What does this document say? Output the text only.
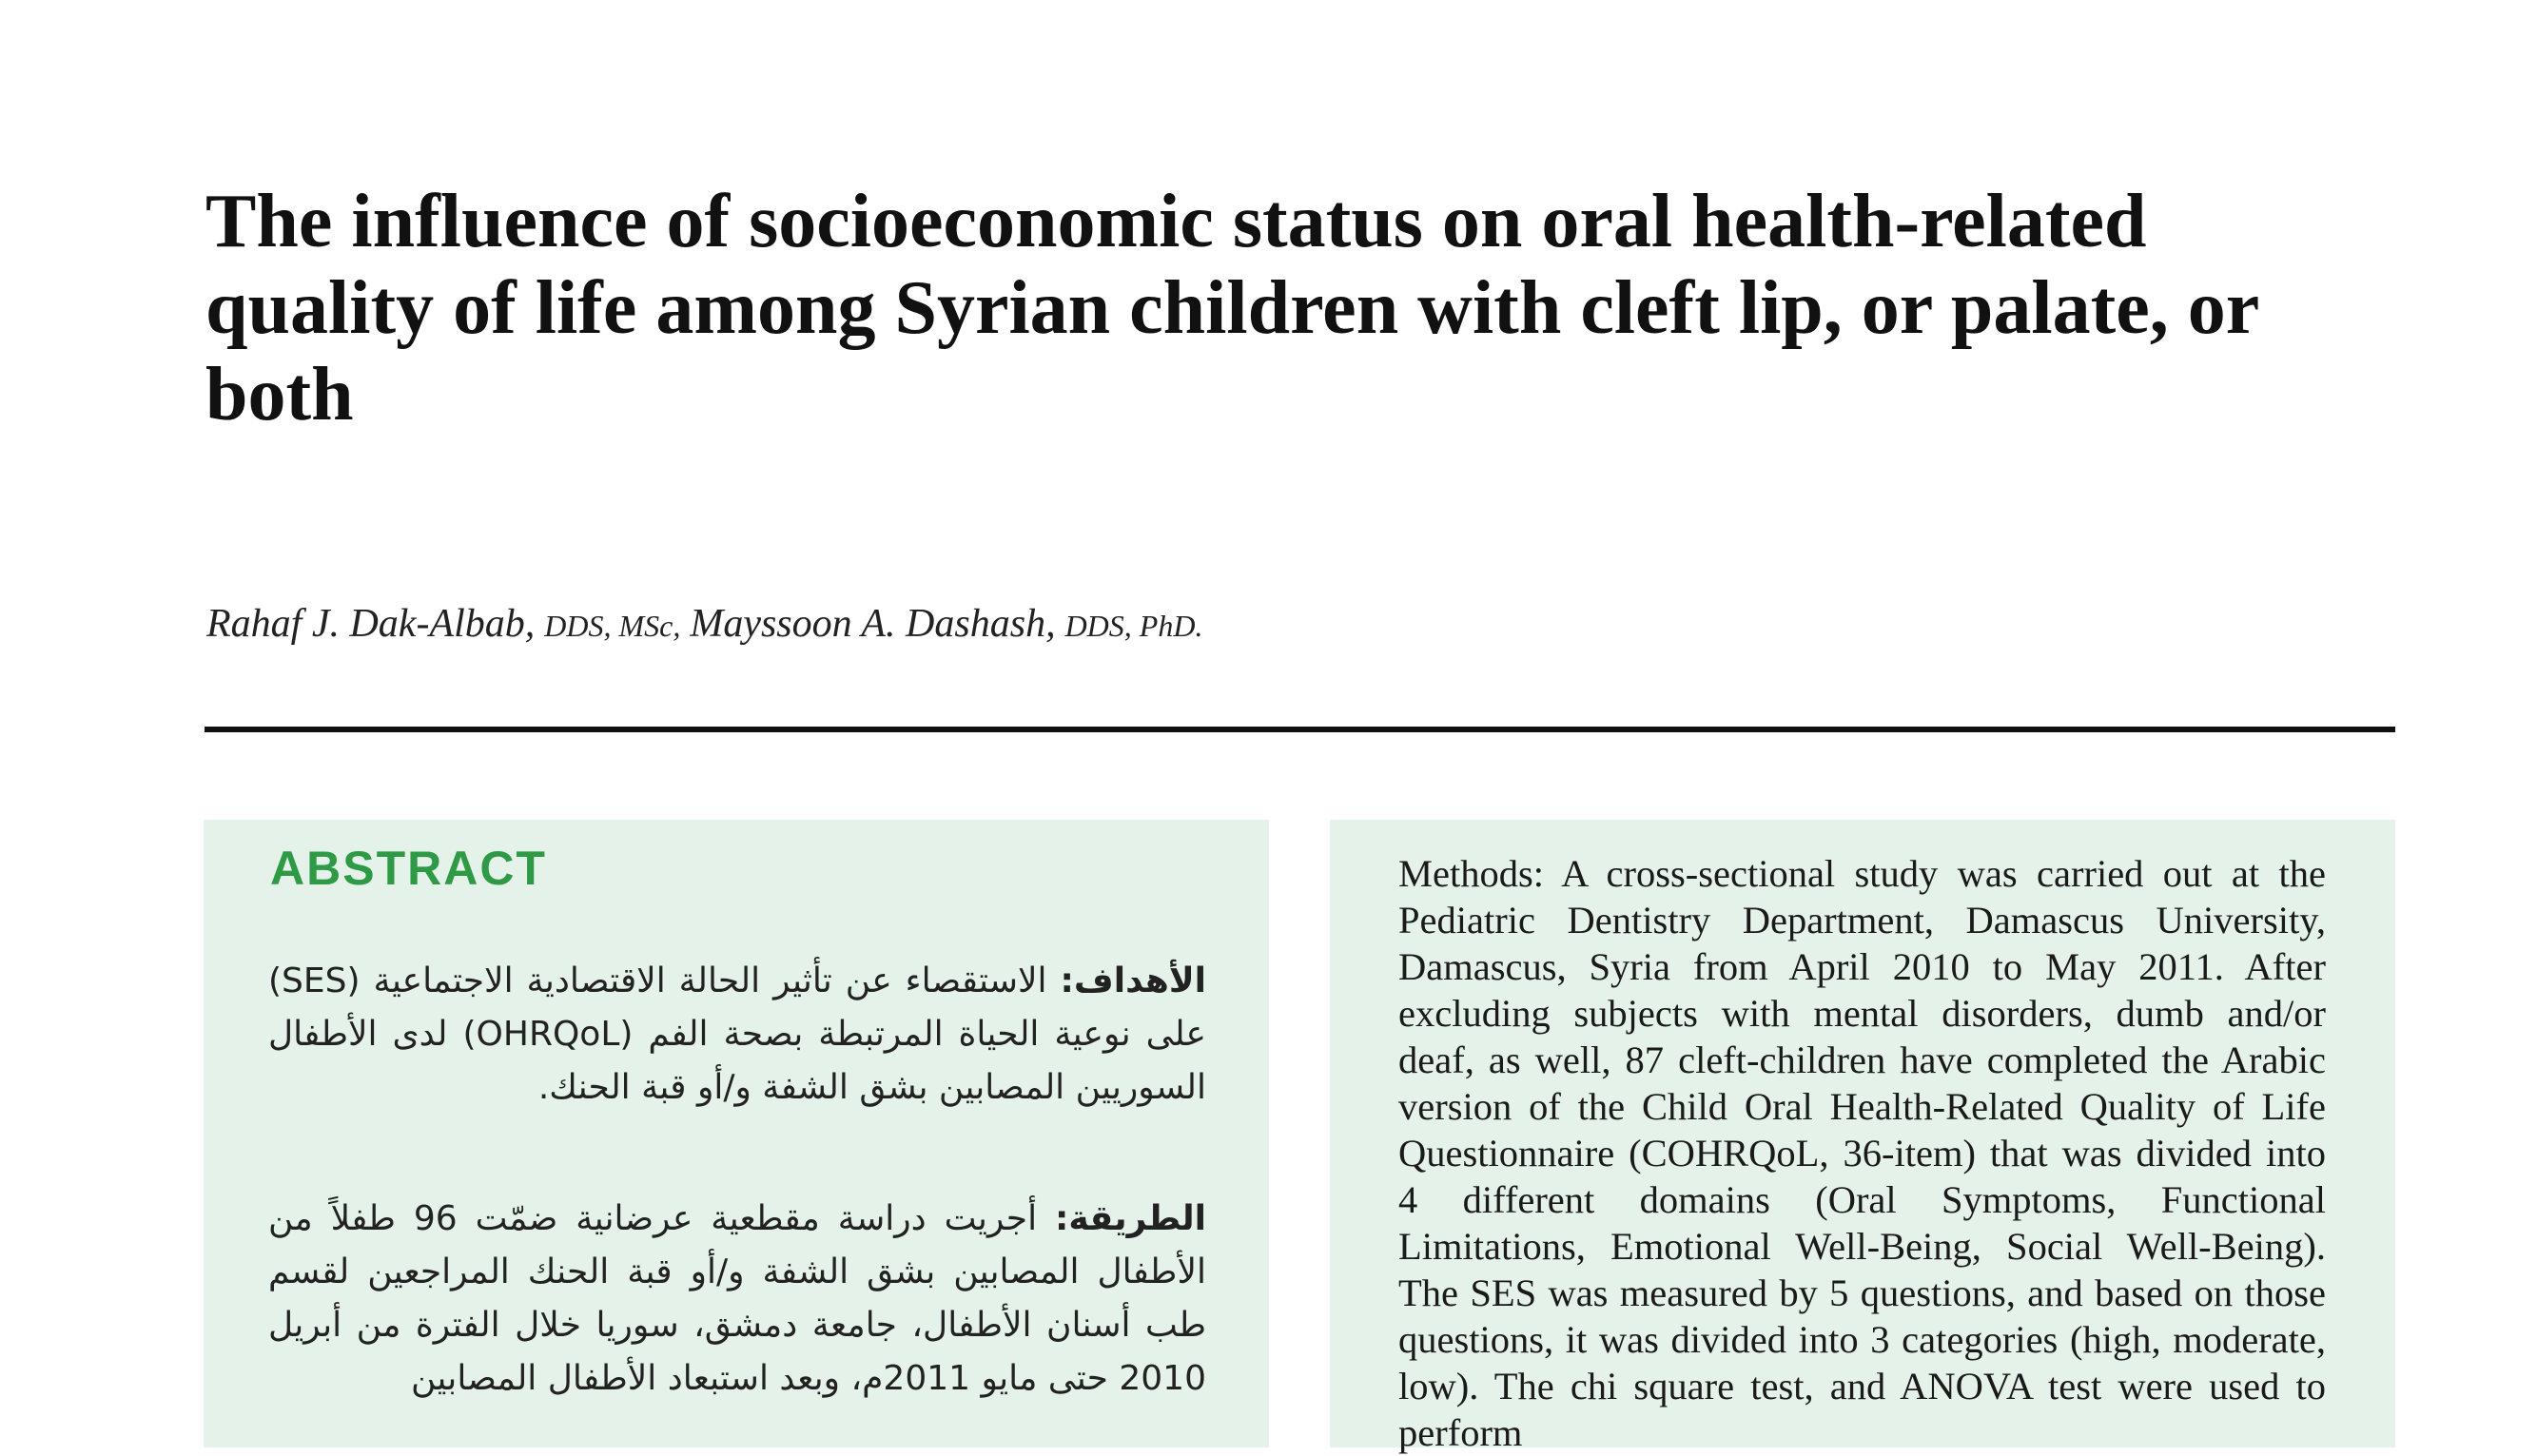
The influence of socioeconomic status on oral health-related quality of life among Syrian children with cleft lip, or palate, or both
Rahaf J. Dak-Albab, DDS, MSc, Mayssoon A. Dashash, DDS, PhD.
ABSTRACT

الأهداف: الاستقصاء عن تأثير الحالة الاقتصادية الاجتماعية (SES) على نوعية الحياة المرتبطة بصحة الفم (OHRQoL) لدى الأطفال السوريين المصابين بشق الشفة و/أو قبة الحنك.

الطريقة: أجريت دراسة مقطعية عرضانية ضمّت 96 طفلاً من الأطفال المصابين بشق الشفة و/أو قبة الحنك المراجعين لقسم طب أسنان الأطفال، جامعة دمشق، سوريا خلال الفترة من أبريل 2010 حتى مايو 2011م، وبعد استبعاد الأطفال المصابين

Methods: A cross-sectional study was carried out at the Pediatric Dentistry Department, Damascus University, Damascus, Syria from April 2010 to May 2011. After excluding subjects with mental disorders, dumb and/or deaf, as well, 87 cleft-children have completed the Arabic version of the Child Oral Health-Related Quality of Life Questionnaire (COHRQoL, 36-item) that was divided into 4 different domains (Oral Symptoms, Functional Limitations, Emotional Well-Being, Social Well-Being). The SES was measured by 5 questions, and based on those questions, it was divided into 3 categories (high, moderate, low). The chi square test, and ANOVA test were used to perform
